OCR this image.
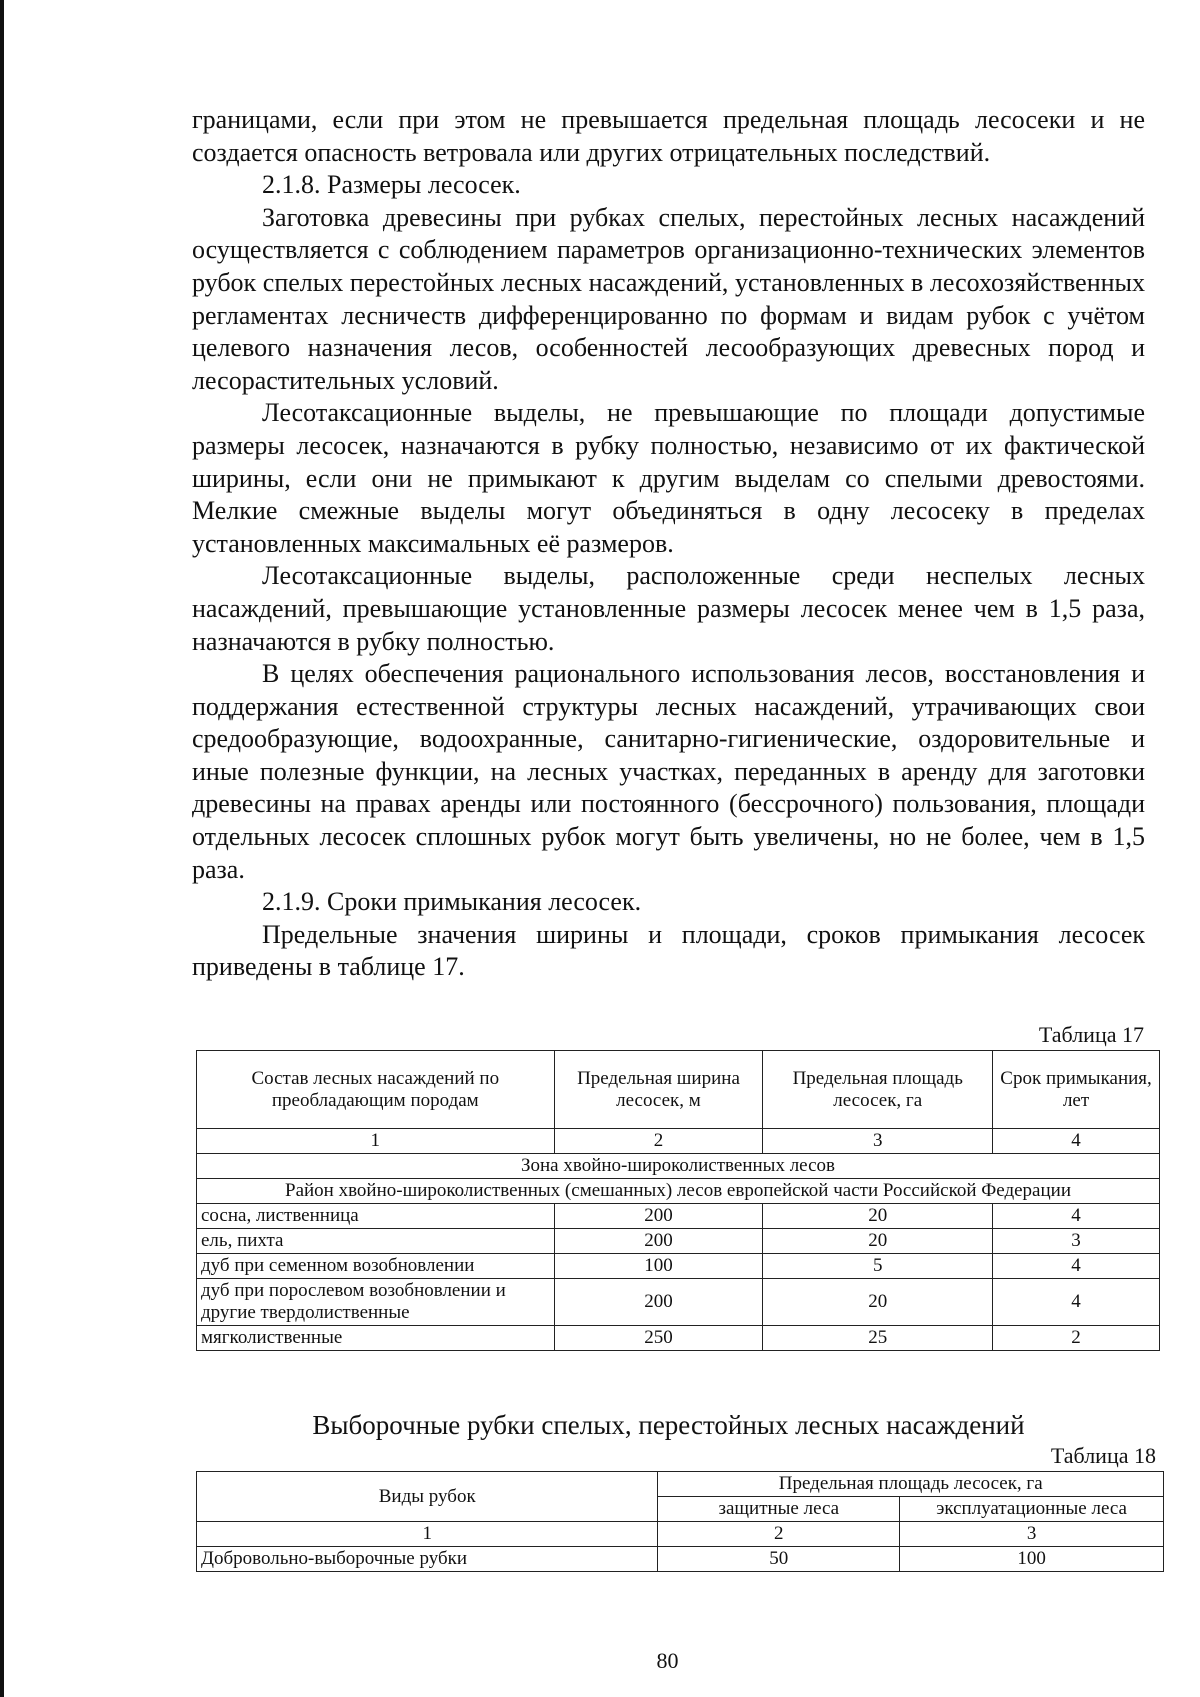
границами, если при этом не превышается предельная площадь лесосеки и не создается опасность ветровала или других отрицательных последствий.

2.1.8. Размеры лесосек.

Заготовка древесины при рубках спелых, перестойных лесных насаждений осуществляется с соблюдением параметров организационно-технических элементов рубок спелых перестойных лесных насаждений, установленных в лесохозяйственных регламентах лесничеств дифференцированно по формам и видам рубок с учётом целевого назначения лесов, особенностей лесообразующих древесных пород и лесорастительных условий.

Лесотаксационные выделы, не превышающие по площади допустимые размеры лесосек, назначаются в рубку полностью, независимо от их фактической ширины, если они не примыкают к другим выделам со спелыми древостоями. Мелкие смежные выделы могут объединяться в одну лесосеку в пределах установленных максимальных её размеров.

Лесотаксационные выделы, расположенные среди неспелых лесных насаждений, превышающие установленные размеры лесосек менее чем в 1,5 раза, назначаются в рубку полностью.

В целях обеспечения рационального использования лесов, восстановления и поддержания естественной структуры лесных насаждений, утрачивающих свои средообразующие, водоохранные, санитарно-гигиенические, оздоровительные и иные полезные функции, на лесных участках, переданных в аренду для заготовки древесины на правах аренды или постоянного (бессрочного) пользования, площади отдельных лесосек сплошных рубок могут быть увеличены, но не более, чем в 1,5 раза.

2.1.9. Сроки примыкания лесосек.

Предельные значения ширины и площади, сроков примыкания лесосек приведены в таблице 17.

Таблица 17
Состав лесных насаждений по преобладающим породам	Предельная ширина лесосек, м	Предельная площадь лесосек, га	Срок примыкания, лет
1	2	3	4
Зона хвойно-широколиственных лесов			
Район хвойно-широколиственных (смешанных) лесов европейской части Российской Федерации			
сосна, лиственница	200	20	4
ель, пихта	200	20	3
дуб при семенном возобновлении	100	5	4
дуб при порослевом возобновлении и другие твердолиственные	200	20	4
мягколиственные	250	25	2
Выборочные рубки спелых, перестойных лесных насаждений
Таблица 18
Виды рубок	Предельная площадь лесосек, га	
	защитные леса	эксплуатационные леса
1	2	3
Добровольно-выборочные рубки	50	100
80
